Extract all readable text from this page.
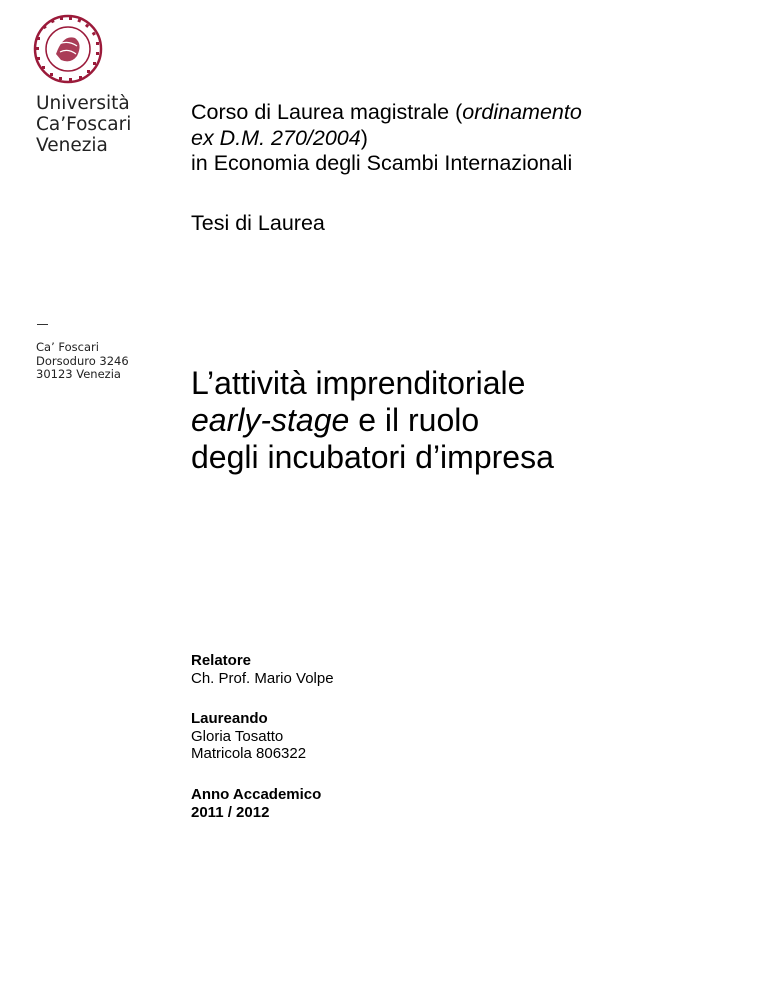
Università
Ca’Foscari
Venezia
Ca’ Foscari
Dorsoduro 3246
30123 Venezia
Corso di Laurea magistrale (ordinamento
ex D.M. 270/2004)
in Economia degli Scambi Internazionali
Tesi di Laurea
L’attività imprenditoriale
early-stage e il ruolo
degli incubatori d’impresa
Relatore
Ch. Prof. Mario Volpe
Laureando
Gloria Tosatto
Matricola 806322
Anno Accademico
2011 / 2012
